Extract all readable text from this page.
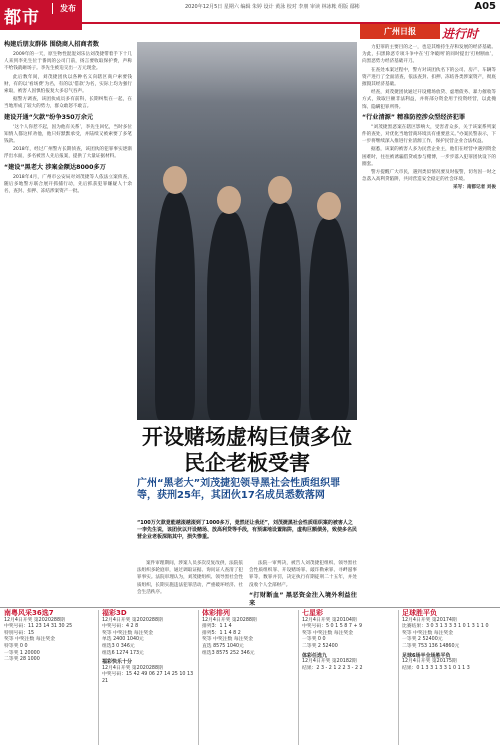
都市	发布	2020年12月5日 星期六 编辑 朱婷 设计 黄泳 校对 李朋 审读 林冰帐 组版 鄢彬	A05
广州日报	进行时
构建后朋友群体 围绕商人招商者数

2009年的一天，原生物性混混刘乐岳刘茂捷带着手下十几人来到李先生位于番禺的公司门前，扬言要收取保护费，声称不给钱就砸场子。李先生被迫交出一万元现金。

此后数年间，刘茂捷团伙以各种名义向辖区商户索要钱财，有的以‘看场费’为名，有的以‘借款’为名，实际上均为强行索取，被害人因惧怕报复大多忍气吞声。

据警方调查，该团伙成员多有前科，长期纠集在一起，在当地形成了较大的势力，群众敢怒不敢言。

建设开通“欠款”纷争350万余元

‘这个人你惹不起，因为他有关系’，李先生回忆，当时多位知情人都这样劝他，他只好默默承受，并陆续又被索要了多笔钱款。

2018年，经过广州警方长期侦查，该团伙的犯罪事实逐渐浮出水面，多名被害人先后报案，提供了大量证据材料。

“建设”黑老大 涉案金额达8000多万

2018年4月，广州市公安局对刘茂捷等人依法立案侦查，随后多地警方联合展开抓捕行动，先后抓获犯罪嫌疑人十余名，查封、扣押、冻结涉案资产一批。

开设赌场虚构巨债多位民企老板受害
广州“黑老大”刘茂捷犯领导黑社会性质组织罪等，获刑25年，其团伙17名成员悉数落网
“100万欠款竟能越滚越滚到了1000多万，竟然还让我还”，刘茂捷黑社会性质组织案的被害人之一李先生说，该团伙以开设赌场、放高利贷等手段，有预谋地设置陷阱，虚构巨额债务，致使多名民营企业老板深陷其中，损失惨重。

案件审理期间，涉案人员多次反复改供，法院依法组织多轮庭审，通过调取证据、询问证人查清了犯罪事实。法院审理认为，刘茂捷组织、领导黑社会性质组织，长期实施违法犯罪活动，严重破坏经济、社会生活秩序。

法院一审判决，被告人刘茂捷犯组织、领导黑社会性质组织罪、开设赌场罪、敲诈勒索罪、寻衅滋事罪等，数罪并罚，决定执行有期徒刑二十五年，并处没收个人全部财产。

“打财断血” 黑恶资金注入境外利益往来

力犯罪的主要目的之一，也是其维持生存和发展的经济基础。为此，扫黑除恶专项斗争中在‘打伞破网’的同时提出‘打财断血’，向黑恶势力经济基础开刀。

在查处本案过程中，警方对该团伙名下的公司、房产、车辆等资产进行了全面清查，依法查封、扣押、冻结各类涉案资产，彻底摧毁其经济基础。

经查，刘茂捷团伙通过开设赌场放贷、虚增债务、暴力催收等方式，敛取巨额非法利益，并将部分资金用于投资经营，以此掩饰、隐瞒犯罪所得。

“行业清源” 精准防控涉众型经济犯罪

“刘茂捷黑恶案在辖区影响大，受害者众多，关于该案系列案件的查处，对优化当地营商环境具有重要意义。”办案民警表示，下一步将继续深入推进行业清源工作，保护民营企业合法权益。

据悉，该案的被害人多为民营企业主，他们在经营中遇到资金困难时，往往被诱骗借贷或参与赌博，一步步落入犯罪团伙设下的圈套。

警方提醒广大市民，遇到类似情况要及时报警，切勿因一时之急落入高利贷陷阱，共同营造安全稳定的社会环境。

采写：南都记者 刘俊
南粤风采36选7
12月4日开奖 第2020288期
中奖号码：11 23 14 31 30 25
特别号码：15
奖等 中奖注数 每注奖金
特等奖 0 0
一等奖 1 20000
二等奖 28 1000
福彩3D
12月4日开奖 第2020288期
中奖号码：4 2 8
奖等 中奖注数 每注奖金
单选 2400 1040元
组选3 0 346元
组选6 1274 173元
福彩快乐十分
12月4日开奖 第2020288期
中奖号码：15 42 49 06 27 14 25 10 13 21
体彩排列
12月4日开奖 第20288期
排列3：1 1 4
排列5：1 1 4 8 2
奖等 中奖注数 每注奖金
直选 8575 1040元
组选3 8575 252 346元
七星彩
12月4日开奖 第20104期
中奖号码：5 0 1 5 8 7 + 9
奖等 中奖注数 每注奖金
一等奖 0 0
二等奖 2 52400
体彩任选九
12月4日开奖 第20182期
结果：2 3 - 2 1 2 2 3 - 2 2
足球胜平负
12月4日开奖 第20174期
比赛结果：3 0 3 1 3 3 3 1 0 1 3 1 1 0
奖等 中奖注数 每注奖金
一等奖 2 52400元
二等奖 753 136 14860元
足球6场半全场胜平负
12月4日开奖 第20175期
结果：0 1 3 3 1 3 3 1 0 1 1 3
